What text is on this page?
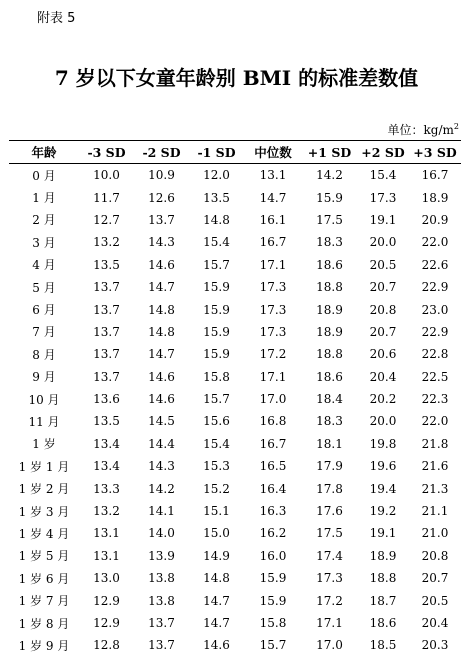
附表 5
7 岁以下女童年龄别 BMI 的标准差数值
单位：$kg/m^2$
年龄	-3 SD	-2 SD	-1 SD	中位数	+1 SD	+2 SD	+3 SD
0 月	10.0	10.9	12.0	13.1	14.2	15.4	16.7
1 月	11.7	12.6	13.5	14.7	15.9	17.3	18.9
2 月	12.7	13.7	14.8	16.1	17.5	19.1	20.9
3 月	13.2	14.3	15.4	16.7	18.3	20.0	22.0
4 月	13.5	14.6	15.7	17.1	18.6	20.5	22.6
5 月	13.7	14.7	15.9	17.3	18.8	20.7	22.9
6 月	13.7	14.8	15.9	17.3	18.9	20.8	23.0
7 月	13.7	14.8	15.9	17.3	18.9	20.7	22.9
8 月	13.7	14.7	15.9	17.2	18.8	20.6	22.8
9 月	13.7	14.6	15.8	17.1	18.6	20.4	22.5
10 月	13.6	14.6	15.7	17.0	18.4	20.2	22.3
11 月	13.5	14.5	15.6	16.8	18.3	20.0	22.0
1 岁	13.4	14.4	15.4	16.7	18.1	19.8	21.8
1 岁 1 月	13.4	14.3	15.3	16.5	17.9	19.6	21.6
1 岁 2 月	13.3	14.2	15.2	16.4	17.8	19.4	21.3
1 岁 3 月	13.2	14.1	15.1	16.3	17.6	19.2	21.1
1 岁 4 月	13.1	14.0	15.0	16.2	17.5	19.1	21.0
1 岁 5 月	13.1	13.9	14.9	16.0	17.4	18.9	20.8
1 岁 6 月	13.0	13.8	14.8	15.9	17.3	18.8	20.7
1 岁 7 月	12.9	13.8	14.7	15.9	17.2	18.7	20.5
1 岁 8 月	12.9	13.7	14.7	15.8	17.1	18.6	20.4
1 岁 9 月	12.8	13.7	14.6	15.7	17.0	18.5	20.3
